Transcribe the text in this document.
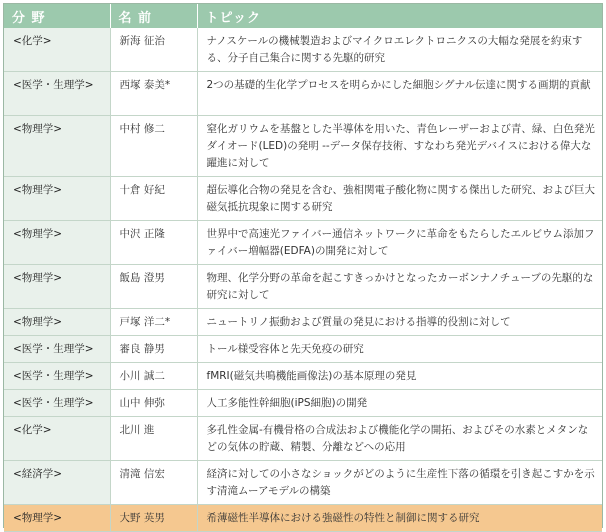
分 野	名 前	トピック
<化学>	新海 征治	ナノスケールの機械製造およびマイクロエレクトロニクスの大幅な発展を約束する、分子自己集合に関する先駆的研究
<医学・生理学>	西塚 泰美*	2つの基礎的生化学プロセスを明らかにした細胞シグナル伝達に関する画期的貢献
<物理学>	中村 修二	窒化ガリウムを基盤とした半導体を用いた、青色レーザーおよび青、緑、白色発光ダイオード(LED)の発明 --データ保存技術、すなわち発光デバイスにおける偉大な躍進に対して
<物理学>	十倉 好紀	超伝導化合物の発見を含む、強相関電子酸化物に関する傑出した研究、および巨大磁気抵抗現象に関する研究
<物理学>	中沢 正隆	世界中で高速光ファイバー通信ネットワークに革命をもたらしたエルビウム添加ファイバー増幅器(EDFA)の開発に対して
<物理学>	飯島 澄男	物理、化学分野の革命を起こすきっかけとなったカーボンナノチューブの先駆的な研究に対して
<物理学>	戸塚 洋二*	ニュートリノ振動および質量の発見における指導的役割に対して
<医学・生理学>	審良 静男	トール様受容体と先天免疫の研究
<医学・生理学>	小川 誠二	fMRI(磁気共鳴機能画像法)の基本原理の発見
<医学・生理学>	山中 伸弥	人工多能性幹細胞(iPS細胞)の開発
<化学>	北川 進	多孔性金属-有機骨格の合成法および機能化学の開拓、およびその水素とメタンなどの気体の貯蔵、精製、分離などへの応用
<経済学>	清滝 信宏	経済に対しての小さなショックがどのように生産性下落の循環を引き起こすかを示す清滝ムーアモデルの構築
<物理学>	大野 英男	希薄磁性半導体における強磁性の特性と制御に関する研究
